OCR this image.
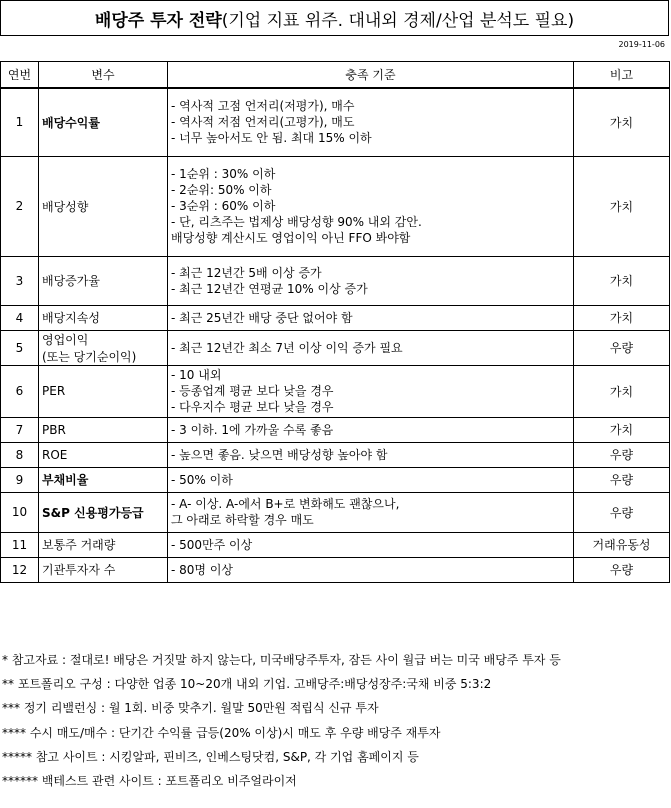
배당주 투자 전략 (기업 지표 위주. 대내외 경제/산업 분석도 필요)
2019-11-06
연번	변수	충족 기준	비고
1	배당수익률	- 역사적 고점 언저리(저평가), 매수
- 역사적 저점 언저리(고평가), 매도
- 너무 높아서도 안 됨. 최대 15% 이하	가치
2	배당성향	- 1순위 : 30% 이하
- 2순위: 50% 이하
- 3순위 : 60% 이하
- 단, 리츠주는 법제상 배당성향 90% 내외 감안.
배당성향 계산시도 영업이익 아닌 FFO 봐야함	가치
3	배당증가율	- 최근 12년간 5배 이상 증가
- 최근 12년간 연평균 10% 이상 증가	가치
4	배당지속성	- 최근 25년간 배당 중단 없어야 함	가치
5	영업이익
(또는 당기순이익)	- 최근 12년간 최소 7년 이상 이익 증가 필요	우량
6	PER	- 10 내외
- 등종업계 평균 보다 낮을 경우
- 다우지수 평균 보다 낮을 경우	가치
7	PBR	- 3 이하. 1에 가까울 수록 좋음	가치
8	ROE	- 높으면 좋음. 낮으면 배당성향 높아야 함	우량
9	부채비율	- 50% 이하	우량
10	S&P 신용평가등급	- A- 이상. A-에서 B+로 변화해도 괜찮으나,
그 아래로 하락할 경우 매도	우량
11	보통주 거래량	- 500만주 이상	거래유동성
12	기관투자자 수	- 80명 이상	우량
* 참고자료 : 절대로! 배당은 거짓말 하지 않는다, 미국배당주투자, 잠든 사이 월급 버는 미국 배당주 투자 등
** 포트폴리오 구성 : 다양한 업종 10~20개 내외 기업. 고배당주:배당성장주:국채 비중 5:3:2
*** 정기 리밸런싱 : 월 1회. 비중 맞추기. 월말 50만원 적립식 신규 투자
**** 수시 매도/매수 : 단기간 수익률 급등(20% 이상)시 매도 후 우량 배당주 재투자
***** 참고 사이트 : 시킹알파, 핀비즈, 인베스팅닷컴, S&P, 각 기업 홈페이지 등
****** 백테스트 관련 사이트 : 포트폴리오 비주얼라이저
